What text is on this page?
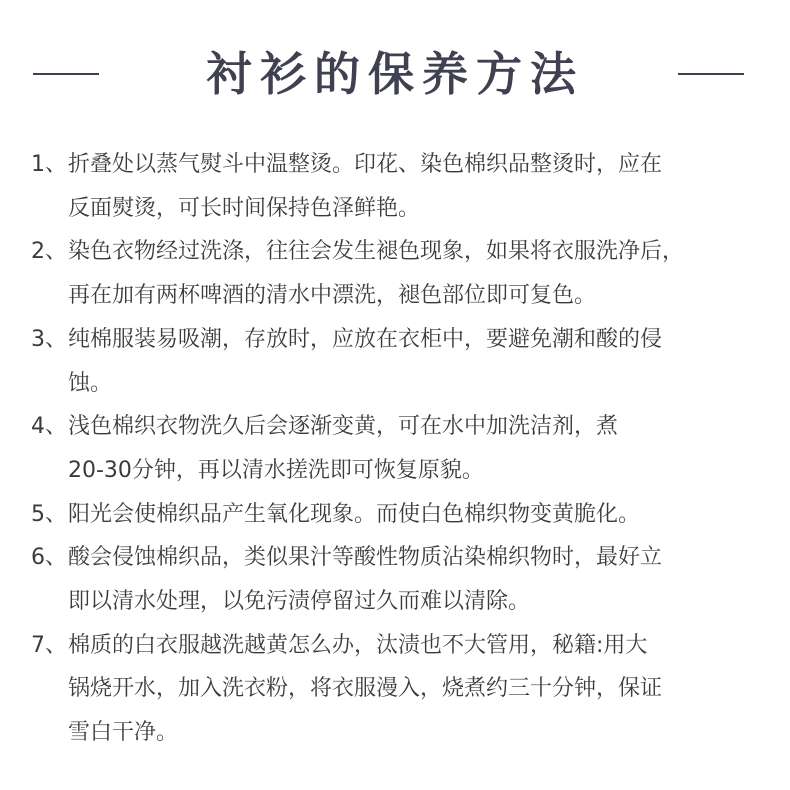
衬衫的保养方法
1、 折叠处以蒸气熨斗中温整烫。印花、染色棉织品整烫时，应在
反面熨烫，可长时间保持色泽鲜艳。
2、 染色衣物经过洗涤，往往会发生褪色现象，如果将衣服洗净后，
再在加有两杯啤酒的清水中漂洗，褪色部位即可复色。
3、 纯棉服装易吸潮，存放时，应放在衣柜中，要避免潮和酸的侵
蚀。
4、 浅色棉织衣物洗久后会逐渐变黄，可在水中加洗洁剂，煮
20-30分钟，再以清水搓洗即可恢复原貌。
5、 阳光会使棉织品产生氧化现象。而使白色棉织物变黄脆化。
6、 酸会侵蚀棉织品，类似果汁等酸性物质沾染棉织物时，最好立
即以清水处理，以免污渍停留过久而难以清除。
7、 棉质的白衣服越洗越黄怎么办，汰渍也不大管用，秘籍:用大
锅烧开水，加入洗衣粉，将衣服漫入，烧煮约三十分钟，保证
雪白干净。
